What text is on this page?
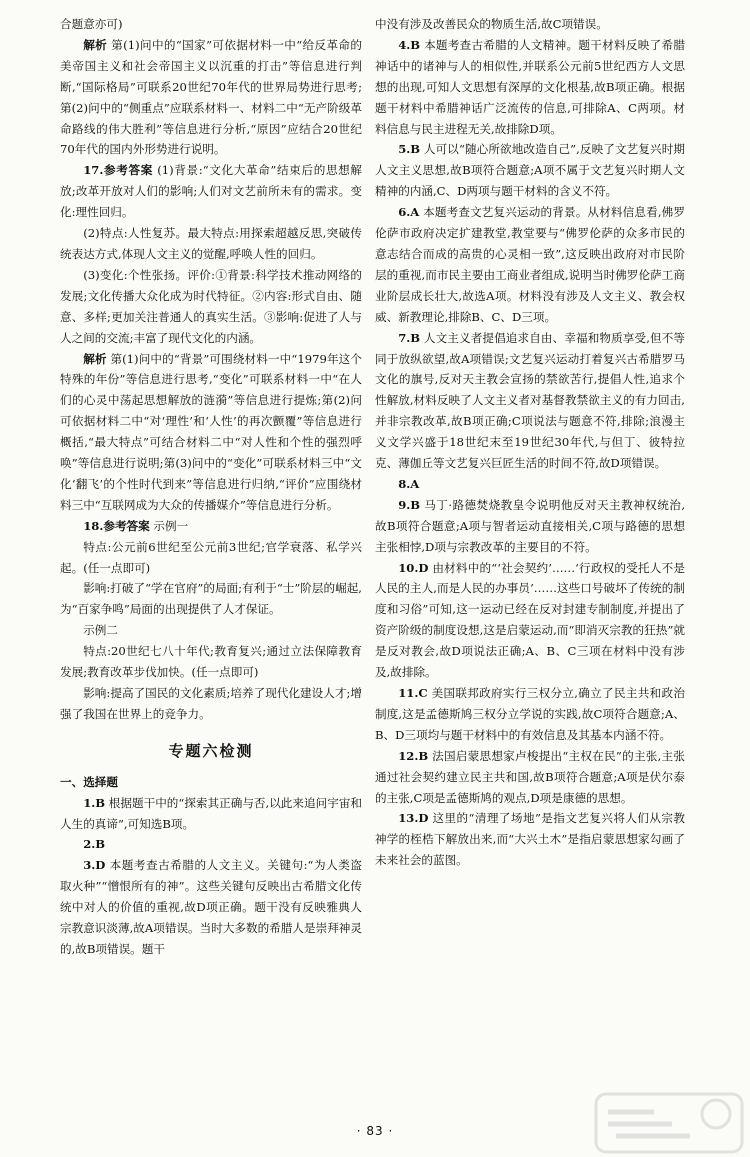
合题意亦可)

解析 第(1)问中的“国家”可依据材料一中“给反革命的美帝国主义和社会帝国主义以沉重的打击”等信息进行判断,“国际格局”可联系20世纪70年代的世界局势进行思考;第(2)问中的“侧重点”应联系材料一、材料二中“无产阶级革命路线的伟大胜利”等信息进行分析,“原因”应结合20世纪70年代的国内外形势进行说明。

17.参考答案 (1)背景:“文化大革命”结束后的思想解放;改革开放对人们的影响;人们对文艺前所未有的需求。变化:理性回归。

(2)特点:人性复苏。最大特点:用探索超越反思,突破传统表达方式,体现人文主义的觉醒,呼唤人性的回归。

(3)变化:个性张扬。评价:①背景:科学技术推动网络的发展;文化传播大众化成为时代特征。②内容:形式自由、随意、多样;更加关注普通人的真实生活。③影响:促进了人与人之间的交流;丰富了现代文化的内涵。

解析 第(1)问中的“背景”可围绕材料一中“1979年这个特殊的年份”等信息进行思考,“变化”可联系材料一中“在人们的心灵中荡起思想解放的涟漪”等信息进行提炼;第(2)问可依据材料二中“对‘理性’和‘人性’的再次颤覆”等信息进行概括,“最大特点”可结合材料二中“对人性和个性的强烈呼唤”等信息进行说明;第(3)问中的“变化”可联系材料三中“文化‘翻飞’的个性时代到来”等信息进行归纳,“评价”应围绕材料三中“互联网成为大众的传播媒介”等信息进行分析。

18.参考答案 示例一

特点:公元前6世纪至公元前3世纪;官学衰落、私学兴起。(任一点即可)

影响:打破了“学在官府”的局面;有利于“士”阶层的崛起,为“百家争鸣”局面的出现提供了人才保证。

示例二

特点:20世纪七八十年代;教育复兴;通过立法保障教育发展;教育改革步伐加快。(任一点即可)

影响:提高了国民的文化素质;培养了现代化建设人才;增强了我国在世界上的竞争力。

专题六检测

一、选择题

1.B 根据题干中的“探索其正确与否,以此来追问宇宙和人生的真谛”,可知选B项。

2.B

3.D 本题考查古希腊的人文主义。关键句:“为人类盗取火种”“憎恨所有的神”。这些关键句反映出古希腊文化传统中对人的价值的重视,故D项正确。题干没有反映雅典人宗教意识淡薄,故A项错误。当时大多数的希腊人是崇拜神灵的,故B项错误。题干

中没有涉及改善民众的物质生活,故C项错误。

4.B 本题考查古希腊的人文精神。题干材料反映了希腊神话中的诸神与人的相似性,并联系公元前5世纪西方人文思想的出现,可知人文思想有深厚的文化根基,故B项正确。根据题干材料中希腊神话广泛流传的信息,可排除A、C两项。材料信息与民主进程无关,故排除D项。

5.B 人可以“随心所欲地改造自己”,反映了文艺复兴时期人文主义思想,故B项符合题意;A项不属于文艺复兴时期人文精神的内涵,C、D两项与题干材料的含义不符。

6.A 本题考查文艺复兴运动的背景。从材料信息看,佛罗伦萨市政府决定扩建教堂,教堂要与“佛罗伦萨的众多市民的意志结合而成的高贵的心灵相一致”,这反映出政府对市民阶层的重视,而市民主要由工商业者组成,说明当时佛罗伦萨工商业阶层成长壮大,故选A项。材料没有涉及人文主义、教会权威、新教理论,排除B、C、D三项。

7.B 人文主义者提倡追求自由、幸福和物质享受,但不等同于放纵欲望,故A项错误;文艺复兴运动打着复兴古希腊罗马文化的旗号,反对天主教会宣扬的禁欲苦行,提倡人性,追求个性解放,材料反映了人文主义者对基督教禁欲主义的有力回击,并非宗教改革,故B项正确;C项说法与题意不符,排除;浪漫主义文学兴盛于18世纪末至19世纪30年代,与但丁、彼特拉克、薄伽丘等文艺复兴巨匠生活的时间不符,故D项错误。

8.A

9.B 马丁·路德焚烧教皇令说明他反对天主教神权统治,故B项符合题意;A项与智者运动直接相关,C项与路德的思想主张相悖,D项与宗教改革的主要目的不符。

10.D 由材料中的“‘社会契约’……‘行政权的受托人不是人民的主人,而是人民的办事员’……这些口号破坏了传统的制度和习俗”可知,这一运动已经在反对封建专制制度,并提出了资产阶级的制度设想,这是启蒙运动,而“即消灭宗教的狂热”就是反对教会,故D项说法正确;A、B、C三项在材料中没有涉及,故排除。

11.C 美国联邦政府实行三权分立,确立了民主共和政治制度,这是孟德斯鸠三权分立学说的实践,故C项符合题意;A、B、D三项均与题干材料中的有效信息及其基本内涵不符。

12.B 法国启蒙思想家卢梭提出“主权在民”的主张,主张通过社会契约建立民主共和国,故B项符合题意;A项是伏尔泰的主张,C项是孟德斯鸠的观点,D项是康德的思想。

13.D 这里的“清理了场地”是指文艺复兴将人们从宗教神学的桎梏下解放出来,而“大兴土木”是指启蒙思想家勾画了未来社会的蓝图。

· 83 ·
